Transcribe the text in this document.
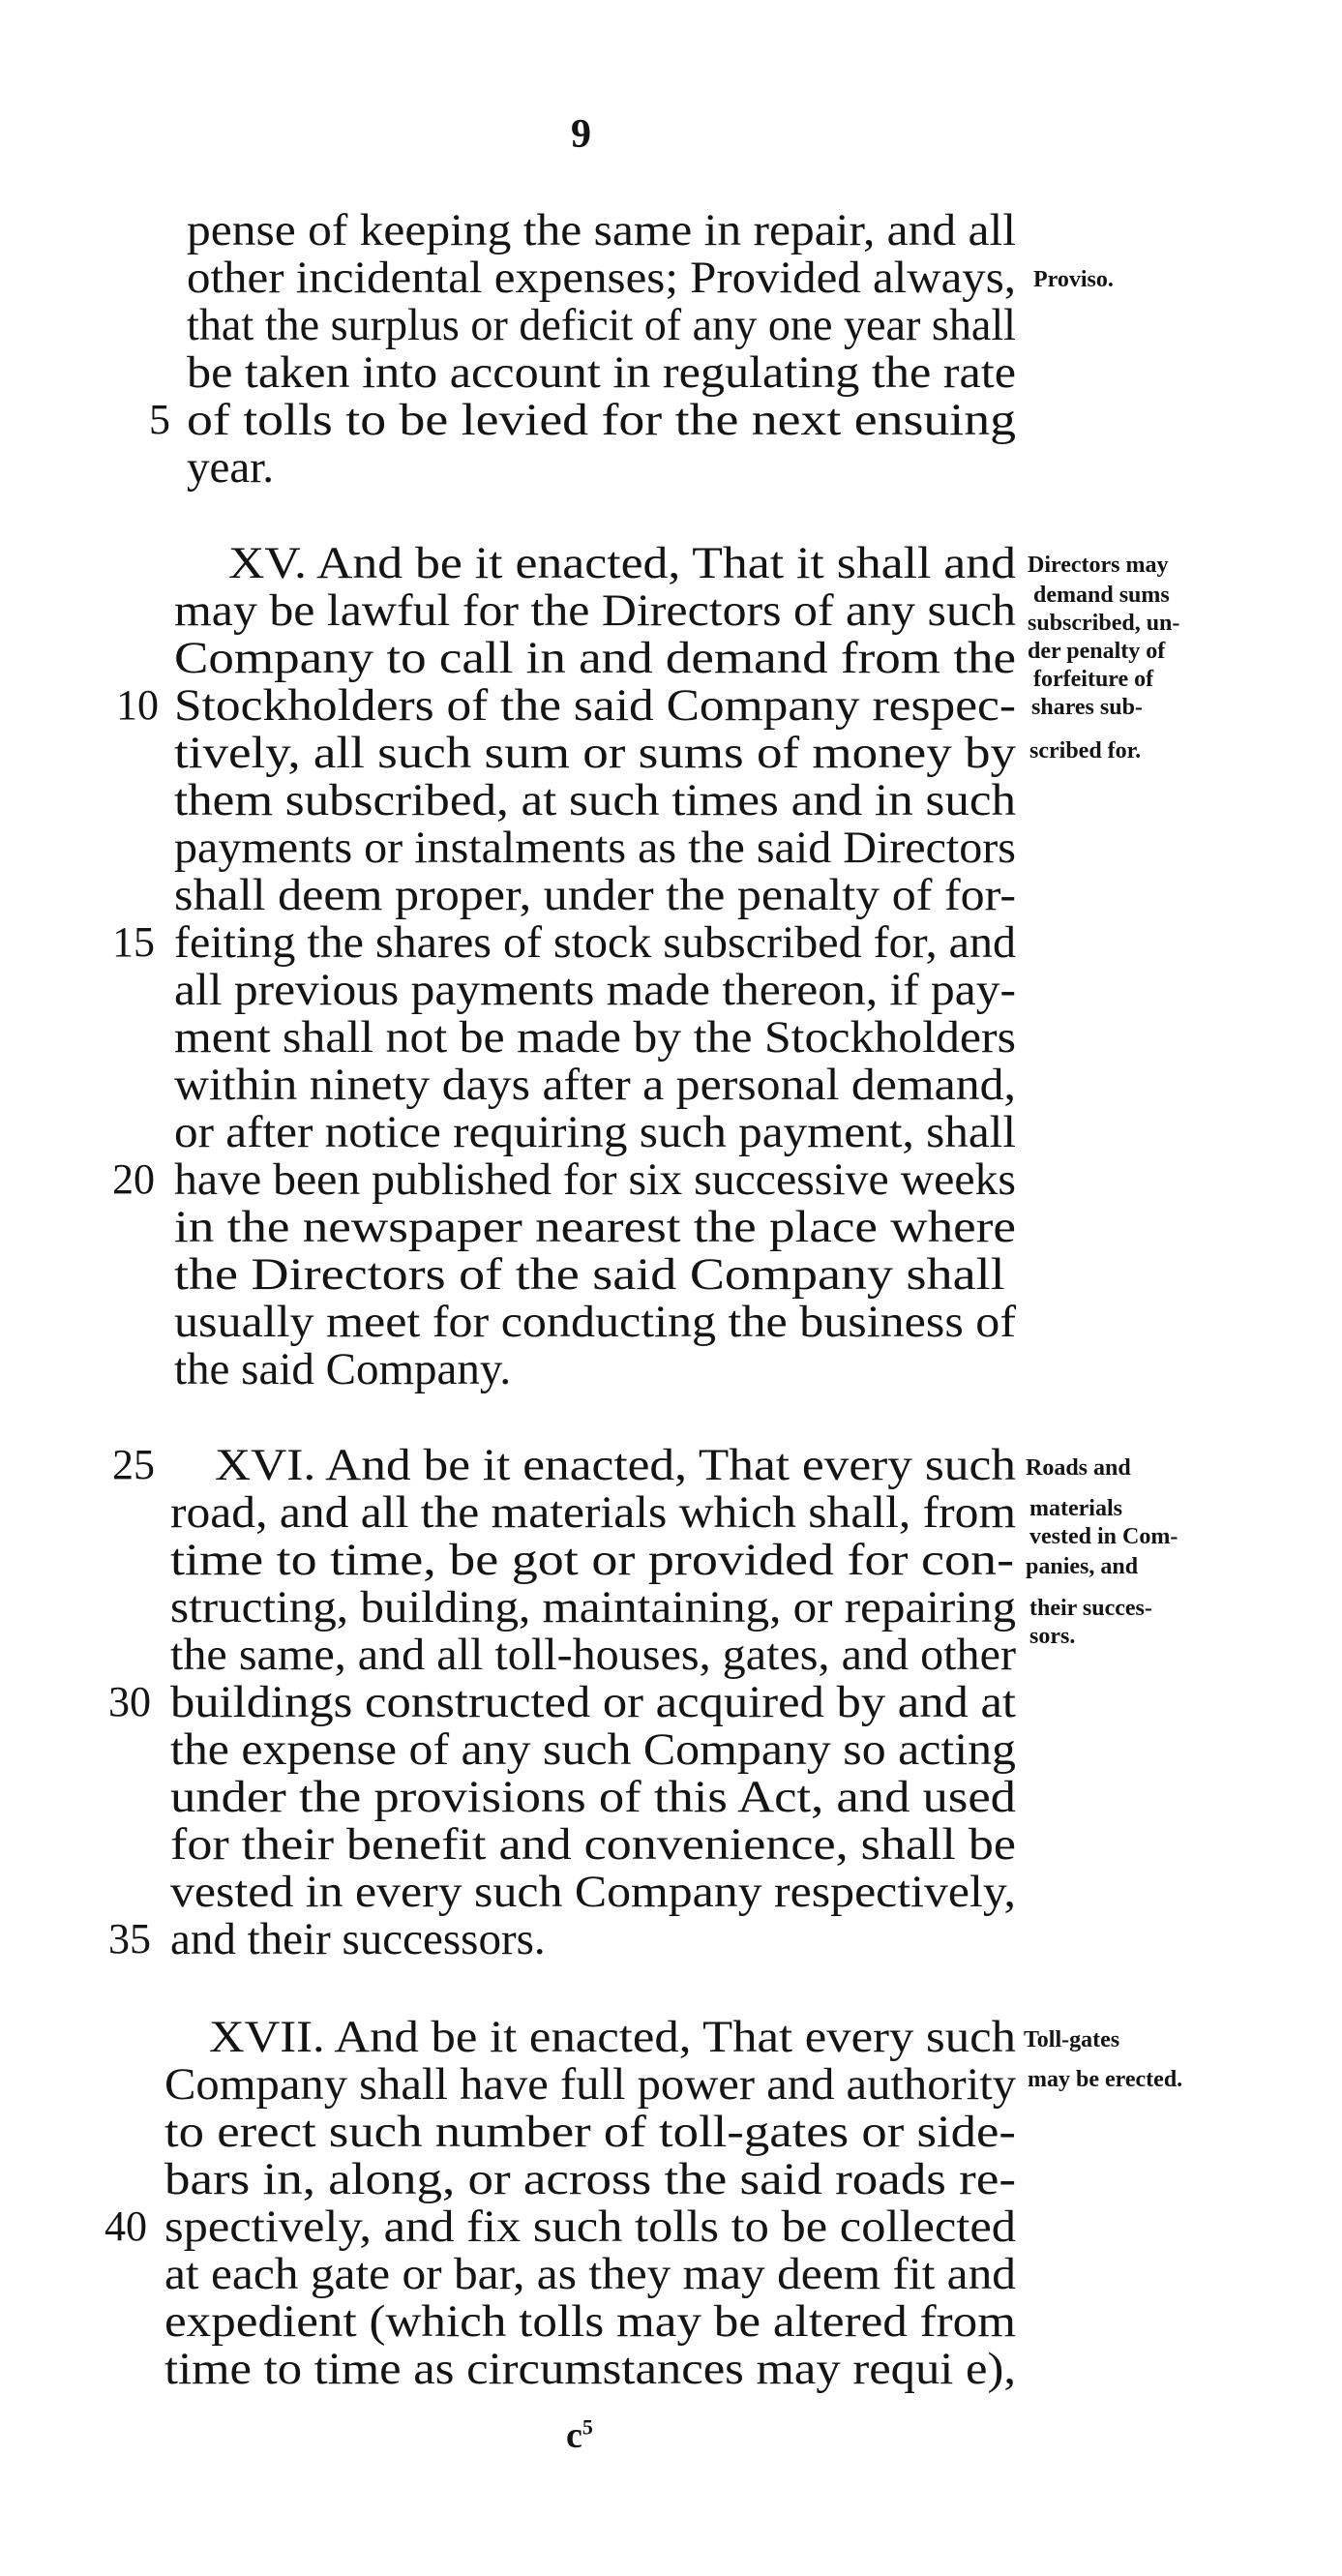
9
pense of keeping the same in repair, and all
other incidental expenses; Provided always,
that the surplus or deficit of any one year shall
be taken into account in regulating the rate
of tolls to be levied for the next ensuing
year.
XV. And be it enacted, That it shall and
may be lawful for the Directors of any such
Company to call in and demand from the
Stockholders of the said Company respec-
tively, all such sum or sums of money by
them subscribed, at such times and in such
payments or instalments as the said Directors
shall deem proper, under the penalty of for-
feiting the shares of stock subscribed for, and
all previous payments made thereon, if pay-
ment shall not be made by the Stockholders
within ninety days after a personal demand,
or after notice requiring such payment, shall
have been published for six successive weeks
in the newspaper nearest the place where
the Directors of the said Company shall
usually meet for conducting the business of
the said Company.
XVI. And be it enacted, That every such
road, and all the materials which shall, from
time to time, be got or provided for con-
structing, building, maintaining, or repairing
the same, and all toll-houses, gates, and other
buildings constructed or acquired by and at
the expense of any such Company so acting
under the provisions of this Act, and used
for their benefit and convenience, shall be
vested in every such Company respectively,
and their successors.
XVII. And be it enacted, That every such
Company shall have full power and authority
to erect such number of toll-gates or side-
bars in, along, or across the said roads re-
spectively, and fix such tolls to be collected
at each gate or bar, as they may deem fit and
expedient (which tolls may be altered from
time to time as circumstances may requi e),
5
10
15
20
25
30
35
40
Proviso.
Directors may
demand sums
subscribed, un-
der penalty of
forfeiture of
shares sub-
scribed for.
Roads and
materials
vested in Com-
panies, and
their succes-
sors.
Toll-gates
may be erected.
$c^5$
